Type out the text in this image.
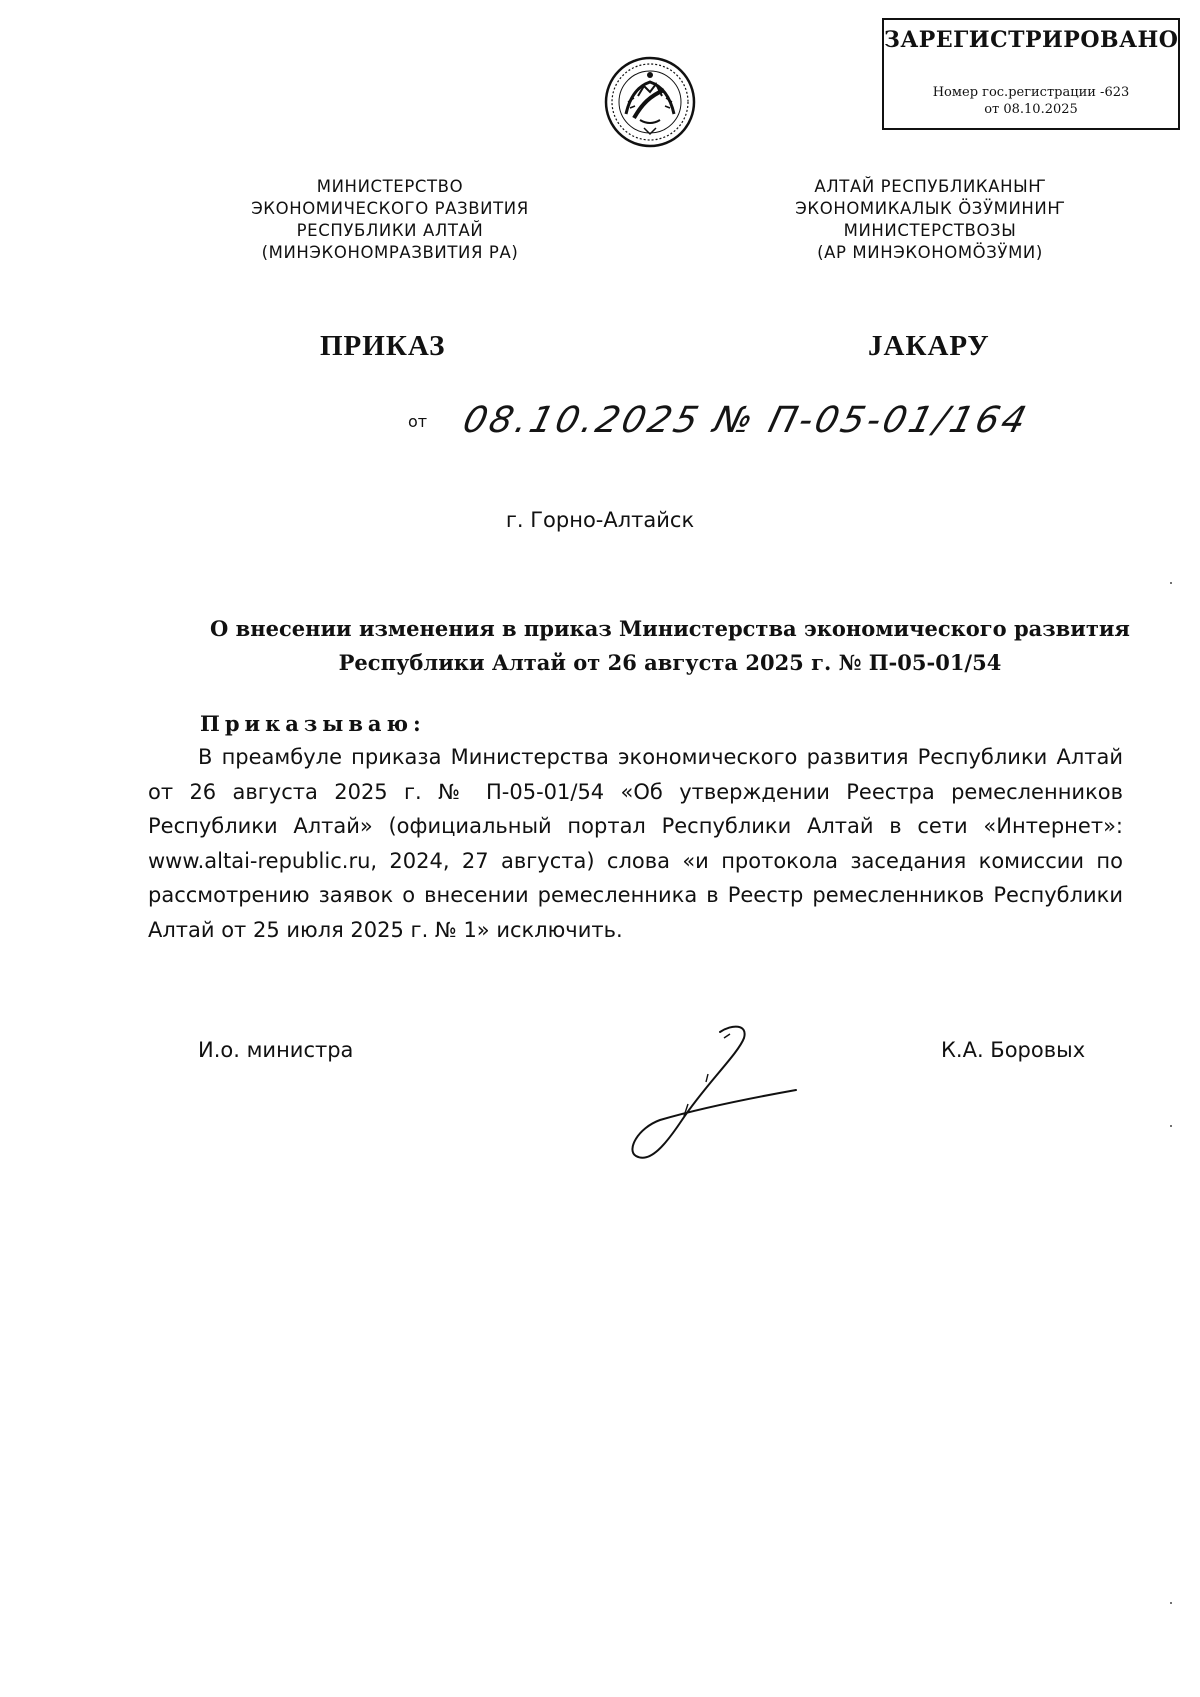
ЗАРЕГИСТРИРОВАНО
Номер гос.регистрации -623
от 08.10.2025
МИНИСТЕРСТВО
ЭКОНОМИЧЕСКОГО РАЗВИТИЯ
РЕСПУБЛИКИ АЛТАЙ
(МИНЭКОНОМРАЗВИТИЯ РА)
АЛТАЙ РЕСПУБЛИКАНЫҤ
ЭКОНОМИКАЛЫК ÖЗӰМИНИҤ
МИНИСТЕРСТВОЗЫ
(АР МИНЭКОНОМÖЗӰМИ)
ПРИКАЗ	ЈАКАРУ
от 08.10.2025 № П-05-01/164
г. Горно-Алтайск
О внесении изменения в приказ Министерства экономического развития
Республики Алтай от 26 августа 2025 г. № П-05-01/54
Приказываю:
В преамбуле приказа Министерства экономического развития Республики Алтай от 26 августа 2025 г. № П-05-01/54 «Об утверждении Реестра ремесленников Республики Алтай» (официальный портал Республики Алтай в сети «Интернет»: www.altai-republic.ru, 2024, 27 августа) слова «и протокола заседания комиссии по рассмотрению заявок о внесении ремесленника в Реестр ремесленников Республики Алтай от 25 июля 2025 г. № 1» исключить.
И.о. министра	К.А. Боровых
